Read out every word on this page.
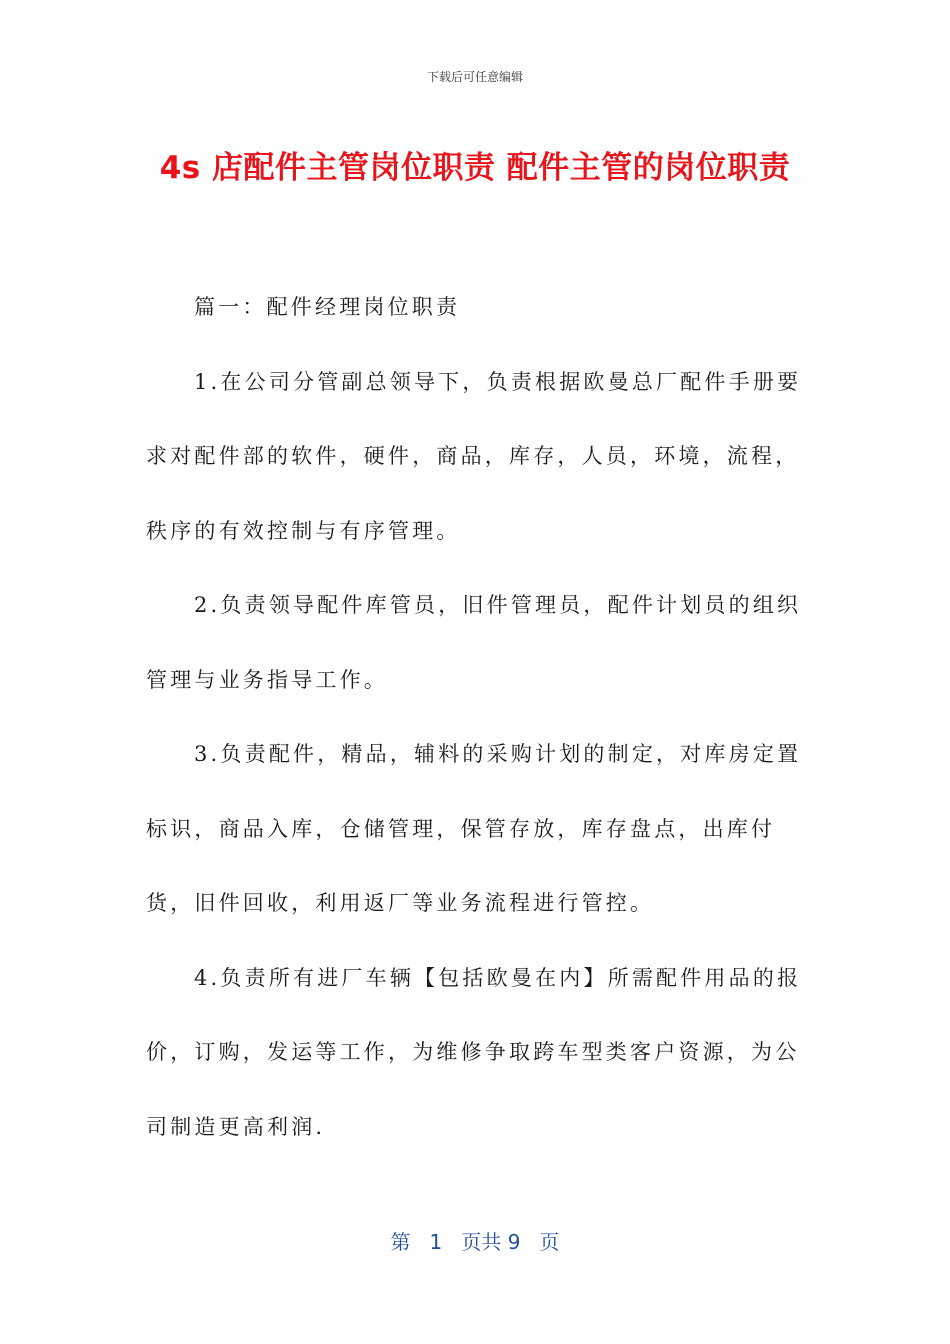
下载后可任意编辑
4s 店配件主管岗位职责 配件主管的岗位职责

篇一：配件经理岗位职责

1.在公司分管副总领导下，负责根据欧曼总厂配件手册要求对配件部的软件，硬件，商品，库存，人员，环境，流程，秩序的有效控制与有序管理。

2.负责领导配件库管员，旧件管理员，配件计划员的组织管理与业务指导工作。

3.负责配件，精品，辅料的采购计划的制定，对库房定置标识，商品入库，仓储管理，保管存放，库存盘点，出库付货，旧件回收，利用返厂等业务流程进行管控。

4.负责所有进厂车辆【包括欧曼在内】所需配件用品的报价，订购，发运等工作，为维修争取跨车型类客户资源，为公司制造更高利润.

第 1 页共 9 页
